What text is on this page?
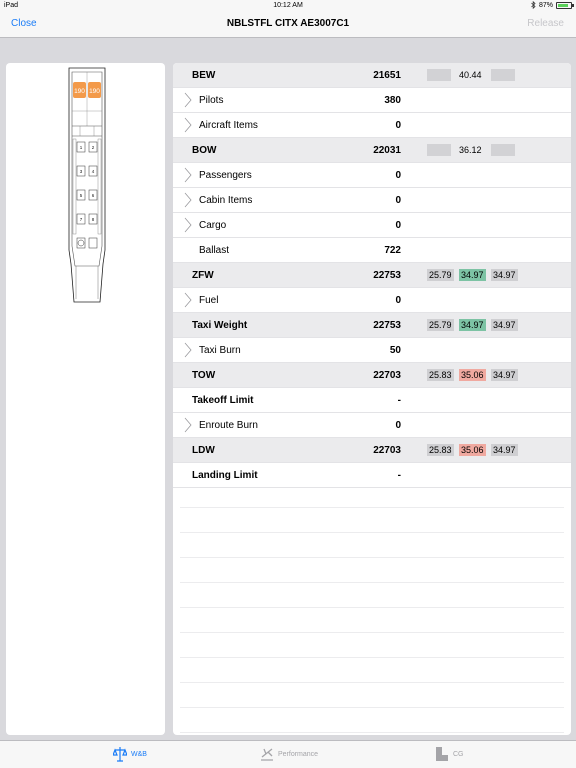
iPad	10:12 AM	87%
Close	NBLSTFL CITX AE3007C1	Release
190 190
1 2
3 4
5 6
7 8
BEW	21651	40.44
Pilots	380
Aircraft Items	0
BOW	22031	36.12
Passengers	0
Cabin Items	0
Cargo	0
Ballast	722
ZFW	22753	25.79 34.97 34.97
Fuel	0
Taxi Weight	22753	25.79 34.97 34.97
Taxi Burn	50
TOW	22703	25.83 35.06 34.97
Takeoff Limit	-
Enroute Burn	0
LDW	22703	25.83 35.06 34.97
Landing Limit	-
W&B	Performance	CG
